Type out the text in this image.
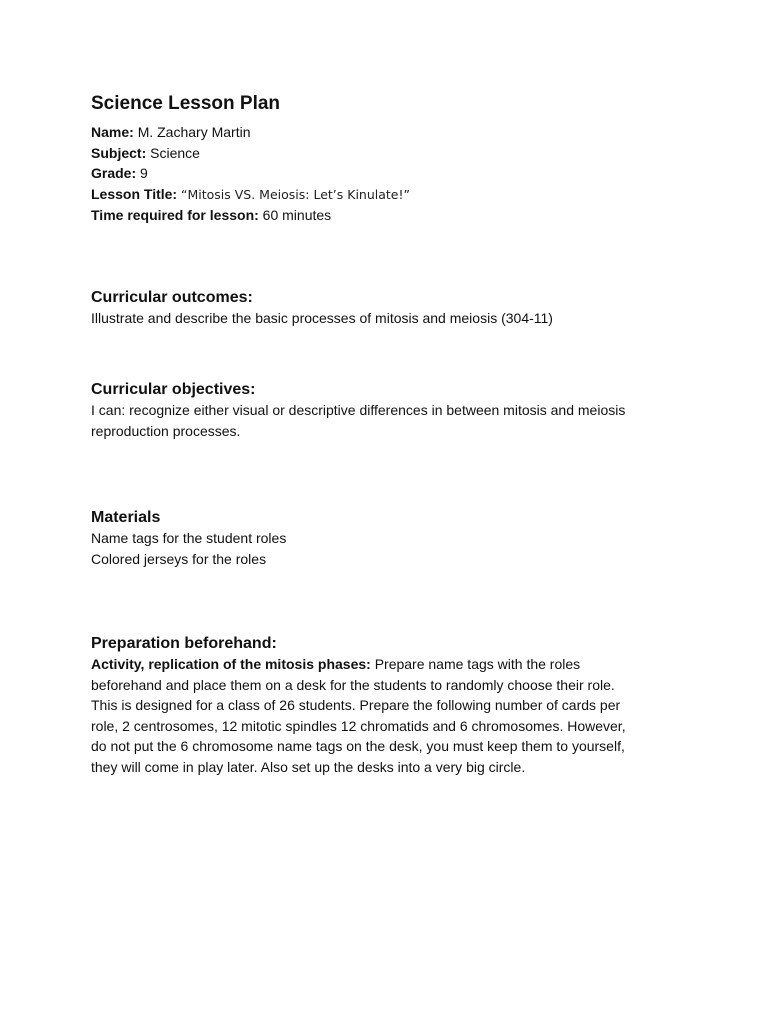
Science Lesson Plan

Name: M. Zachary Martin

Subject: Science

Grade: 9

Lesson Title: “Mitosis VS. Meiosis: Let’s Kinulate!”

Time required for lesson: 60 minutes

Curricular outcomes:

Illustrate and describe the basic processes of mitosis and meiosis (304-11)

Curricular objectives:

I can: recognize either visual or descriptive differences in between mitosis and meiosis

reproduction processes.

Materials

Name tags for the student roles

Colored jerseys for the roles

Preparation beforehand:

Activity, replication of the mitosis phases: Prepare name tags with the roles

beforehand and place them on a desk for the students to randomly choose their role.

This is designed for a class of 26 students. Prepare the following number of cards per

role, 2 centrosomes, 12 mitotic spindles 12 chromatids and 6 chromosomes. However,

do not put the 6 chromosome name tags on the desk, you must keep them to yourself,

they will come in play later. Also set up the desks into a very big circle.
